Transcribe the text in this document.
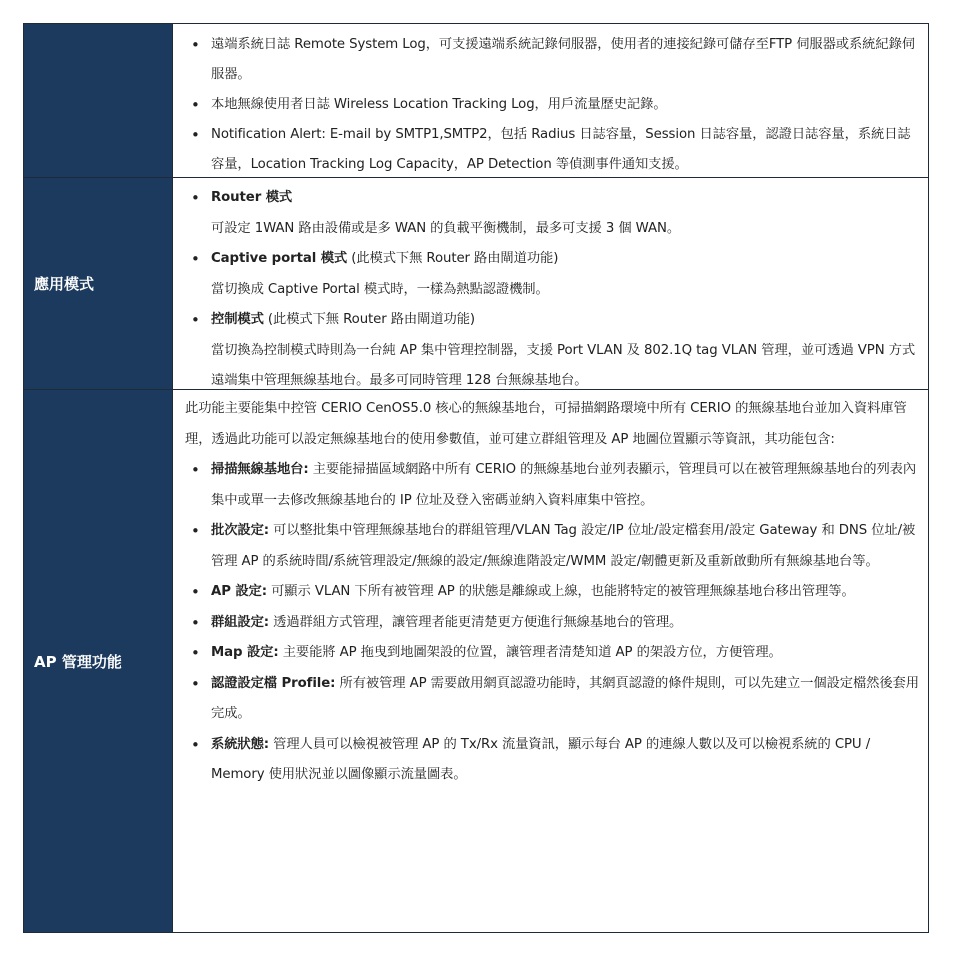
• 遠端系統日誌 Remote System Log，可支援遠端系統記錄伺服器，使用者的連接紀錄可儲存至FTP 伺服器或系統紀錄伺服器。
• 本地無線使用者日誌 Wireless Location Tracking Log，用戶流量歷史記錄。
• Notification Alert: E-mail by SMTP1,SMTP2，包括 Radius 日誌容量，Session 日誌容量，認證日誌容量，系統日誌容量，Location Tracking Log Capacity，AP Detection 等偵測事件通知支援。
應用模式
• Router 模式
可設定 1WAN 路由設備或是多 WAN 的負載平衡機制，最多可支援 3 個 WAN。
• Captive portal 模式 (此模式下無 Router 路由閘道功能)
當切換成 Captive Portal 模式時，一樣為熱點認證機制。
• 控制模式 (此模式下無 Router 路由閘道功能)
當切換為控制模式時則為一台純 AP 集中管理控制器，支援 Port VLAN 及 802.1Q tag VLAN 管理，並可透過 VPN 方式遠端集中管理無線基地台。最多可同時管理 128 台無線基地台。
AP 管理功能

此功能主要能集中控管 CERIO CenOS5.0 核心的無線基地台，可掃描網路環境中所有 CERIO 的無線基地台並加入資料庫管理，透過此功能可以設定無線基地台的使用參數值，並可建立群組管理及 AP 地圖位置顯示等資訊，其功能包含:

• 掃描無線基地台: 主要能掃描區域網路中所有 CERIO 的無線基地台並列表顯示，管理員可以在被管理無線基地台的列表內集中或單一去修改無線基地台的 IP 位址及登入密碼並納入資料庫集中管控。
• 批次設定: 可以整批集中管理無線基地台的群組管理/VLAN Tag 設定/IP 位址/設定檔套用/設定 Gateway 和 DNS 位址/被管理 AP 的系統時間/系統管理設定/無線的設定/無線進階設定/WMM 設定/韌體更新及重新啟動所有無線基地台等。
• AP 設定: 可顯示 VLAN 下所有被管理 AP 的狀態是離線或上線，也能將特定的被管理無線基地台移出管理等。
• 群組設定: 透過群組方式管理，讓管理者能更清楚更方便進行無線基地台的管理。
• Map 設定: 主要能將 AP 拖曳到地圖架設的位置，讓管理者清楚知道 AP 的架設方位，方便管理。
• 認證設定檔 Profile: 所有被管理 AP 需要啟用網頁認證功能時，其網頁認證的條件規則，可以先建立一個設定檔然後套用完成。
• 系統狀態: 管理人員可以檢視被管理 AP 的 Tx/Rx 流量資訊，顯示每台 AP 的連線人數以及可以檢視系統的 CPU / Memory 使用狀況並以圖像顯示流量圖表。
